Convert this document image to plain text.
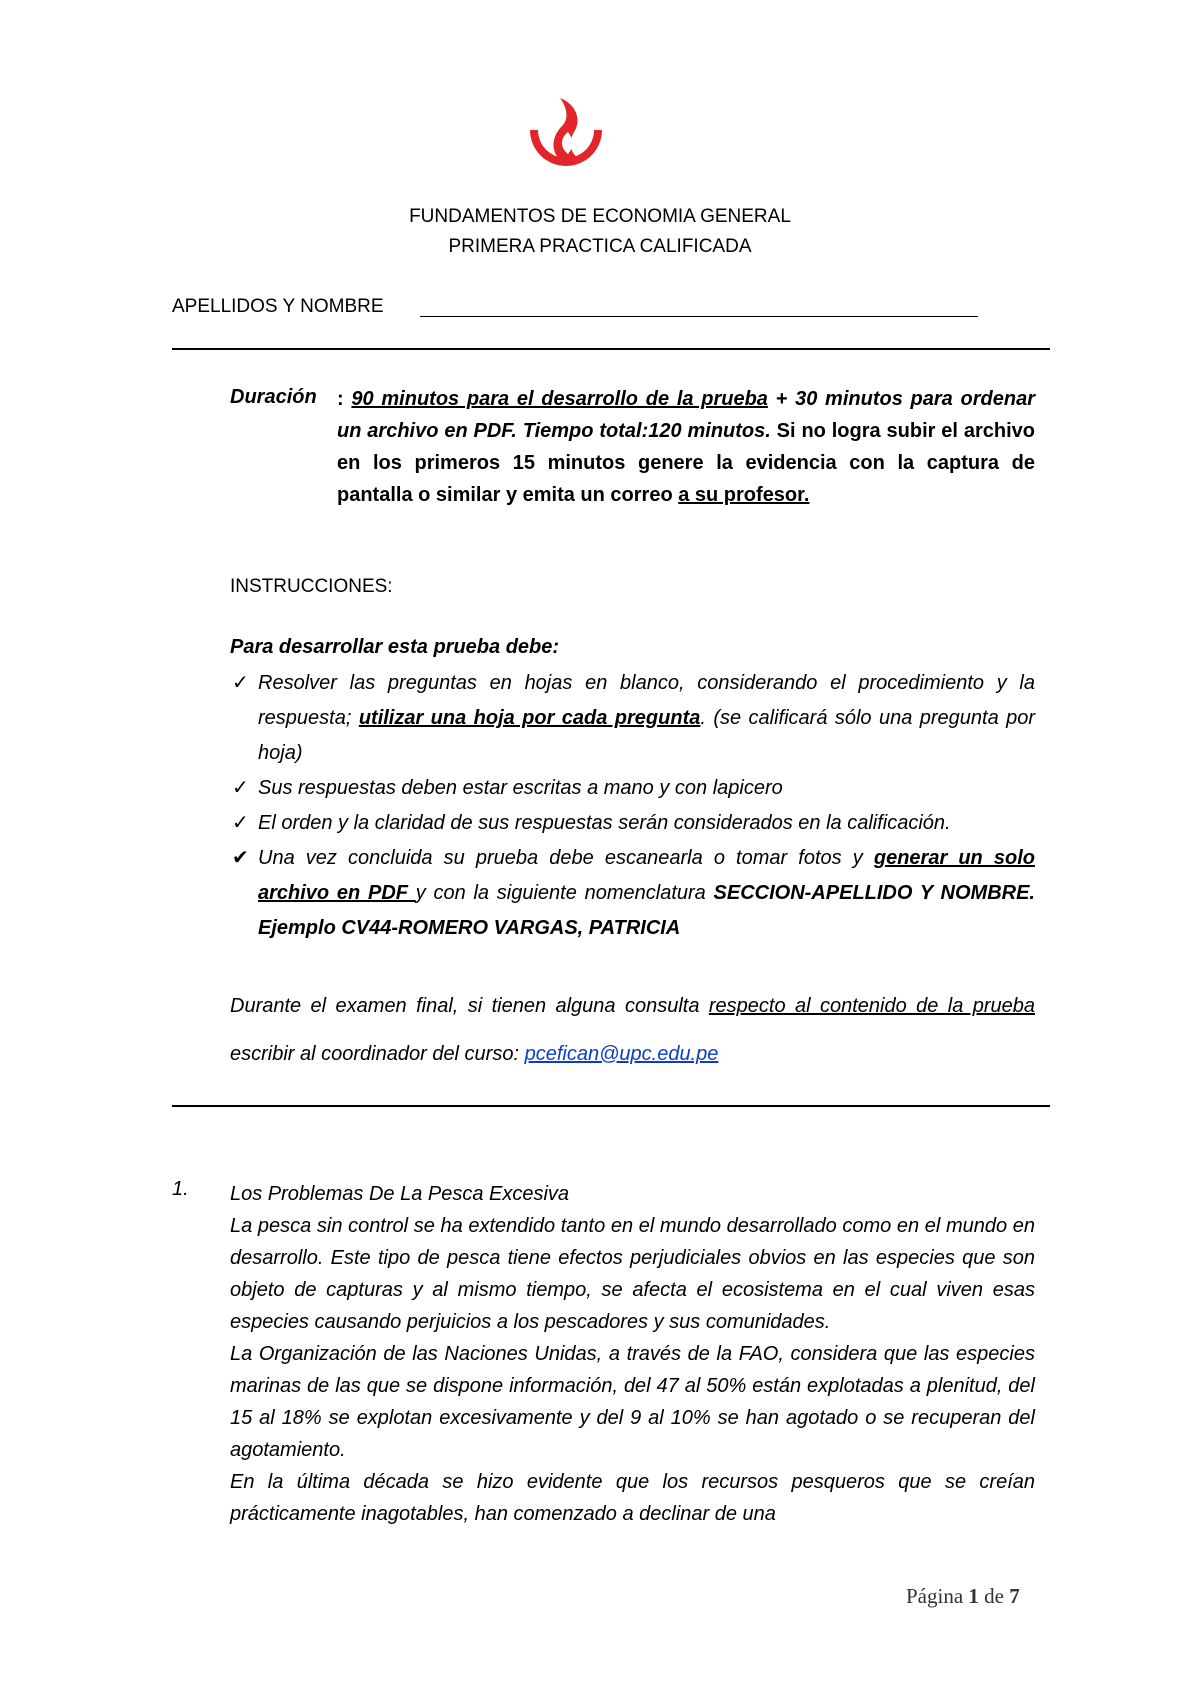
FUNDAMENTOS DE ECONOMIA GENERAL
PRIMERA PRACTICA CALIFICADA
APELLIDOS Y NOMBRE
Duración : 90 minutos para el desarrollo de la prueba + 30 minutos para ordenar un archivo en PDF. Tiempo total:120 minutos. Si no logra subir el archivo en los primeros 15 minutos genere la evidencia con la captura de pantalla o similar y emita un correo a su profesor.
INSTRUCCIONES:
Para desarrollar esta prueba debe:
✓ Resolver las preguntas en hojas en blanco, considerando el procedimiento y la respuesta; utilizar una hoja por cada pregunta. (se calificará sólo una pregunta por hoja)
✓ Sus respuestas deben estar escritas a mano y con lapicero
✓ El orden y la claridad de sus respuestas serán considerados en la calificación.
✔ Una vez concluida su prueba debe escanearla o tomar fotos y generar un solo archivo en PDF y con la siguiente nomenclatura SECCION-APELLIDO Y NOMBRE. Ejemplo CV44-ROMERO VARGAS, PATRICIA
Durante el examen final, si tienen alguna consulta respecto al contenido de la prueba escribir al coordinador del curso: pcefican@upc.edu.pe
1. Los Problemas De La Pesca Excesiva

La pesca sin control se ha extendido tanto en el mundo desarrollado como en el mundo en desarrollo. Este tipo de pesca tiene efectos perjudiciales obvios en las especies que son objeto de capturas y al mismo tiempo, se afecta el ecosistema en el cual viven esas especies causando perjuicios a los pescadores y sus comunidades.

La Organización de las Naciones Unidas, a través de la FAO, considera que las especies marinas de las que se dispone información, del 47 al 50% están explotadas a plenitud, del 15 al 18% se explotan excesivamente y del 9 al 10% se han agotado o se recuperan del agotamiento.

En la última década se hizo evidente que los recursos pesqueros que se creían prácticamente inagotables, han comenzado a declinar de una

Página 1 de 7
